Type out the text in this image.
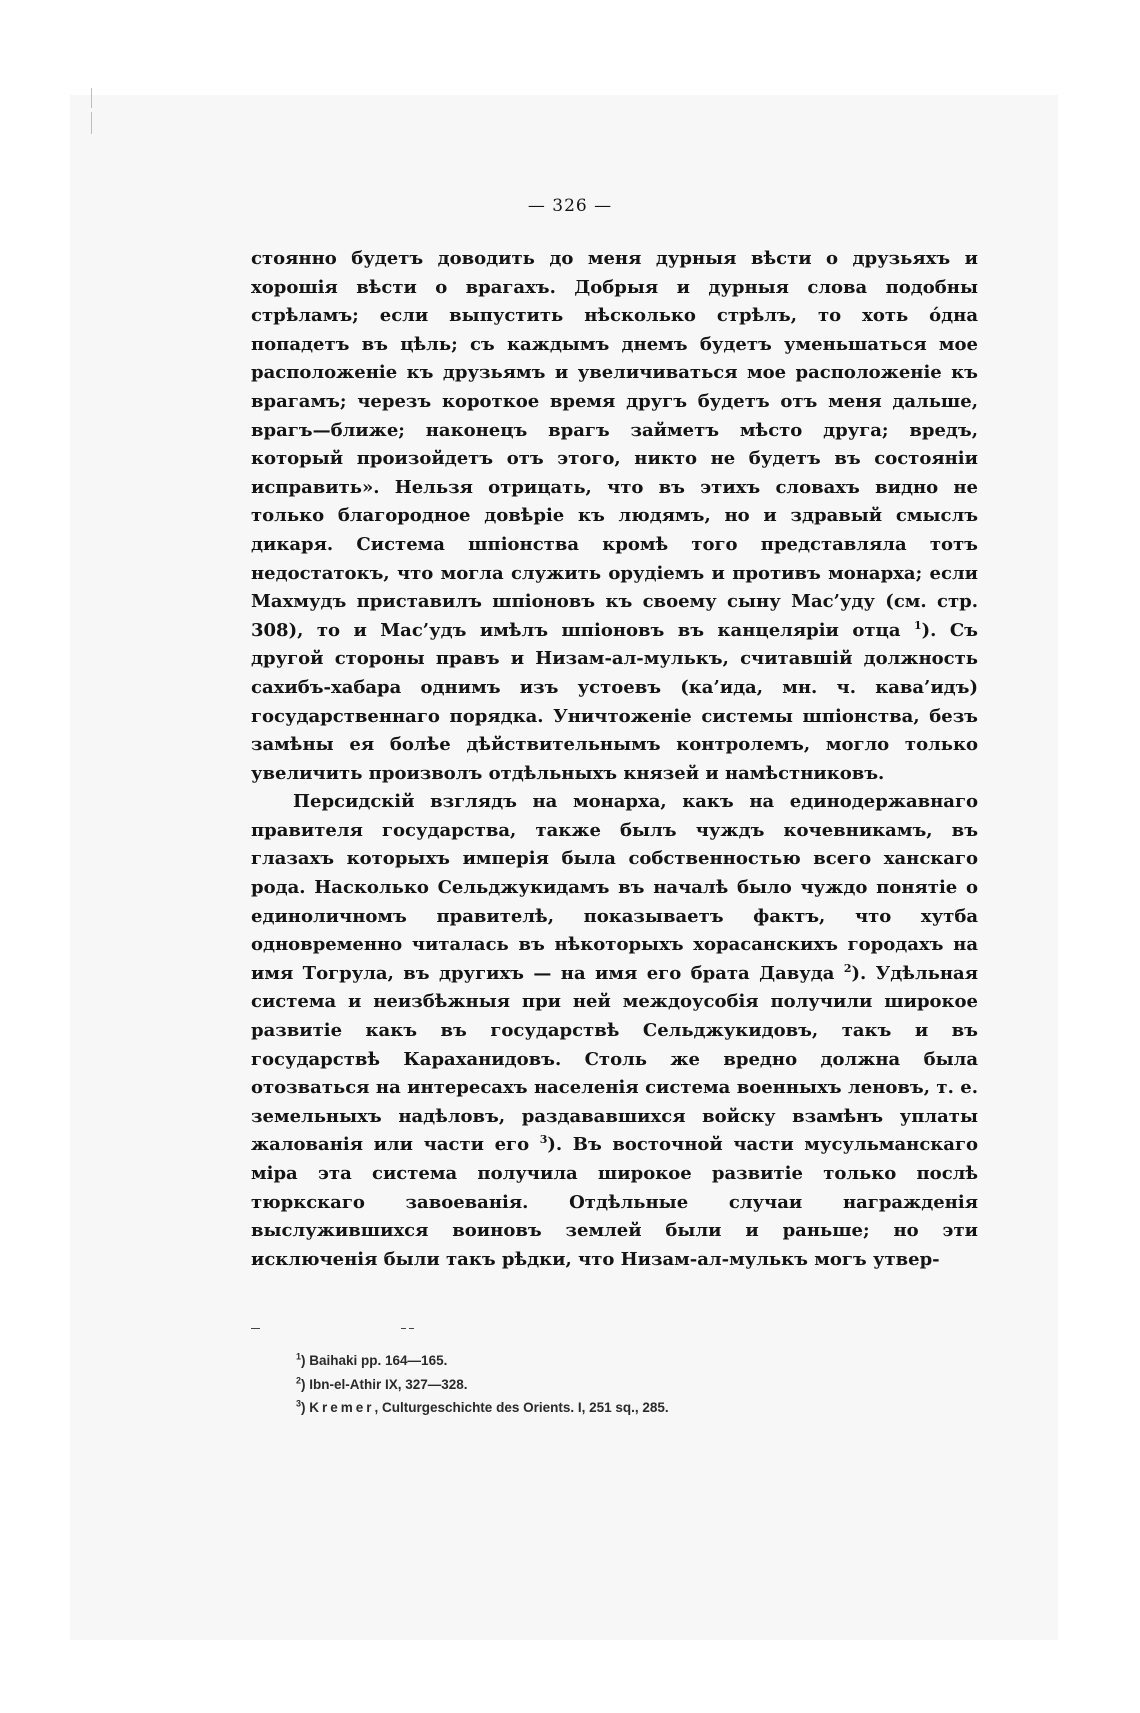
— 326 —

стоянно будетъ доводить до меня дурныя вѣсти о друзьяхъ и хорошія вѣсти о врагахъ. Добрыя и дурныя слова подобны стрѣламъ; если выпустить нѣсколько стрѣлъ, то хоть о́дна попадетъ въ цѣль; съ каждымъ днемъ будетъ уменьшаться мое расположеніе къ друзьямъ и увеличиваться мое расположеніе къ врагамъ; черезъ короткое время другъ будетъ отъ меня дальше, врагъ—ближе; наконецъ врагъ займетъ мѣсто друга; вредъ, который произойдетъ отъ этого, никто не будетъ въ состояніи исправить». Нельзя отрицать, что въ этихъ словахъ видно не только благородное довѣріе къ людямъ, но и здравый смыслъ дикаря. Система шпіонства кромѣ того представляла тотъ недостатокъ, что могла служить орудіемъ и противъ монарха; если Махмудъ приставилъ шпіоновъ къ своему сыну Мас’уду (см. стр. 308), то и Мас’удъ имѣлъ шпіоновъ въ канцеляріи отца $^1$). Съ другой стороны правъ и Низам-ал-мулькъ, считавшій должность сахибъ-хабара однимъ изъ устоевъ (ка’ида, мн. ч. кава’идъ) государственнаго порядка. Уничтоженіе системы шпіонства, безъ замѣны ея болѣе дѣйствительнымъ контролемъ, могло только увеличить произволъ отдѣльныхъ князей и намѣстниковъ.

Персидскій взглядъ на монарха, какъ на единодержавнаго правителя государства, также былъ чуждъ кочевникамъ, въ глазахъ которыхъ имперія была собственностью всего ханскаго рода. Насколько Сельджукидамъ въ началѣ было чуждо понятіе о единоличномъ правителѣ, показываетъ фактъ, что хутба одновременно читалась въ нѣкоторыхъ хорасанскихъ городахъ на имя Тогрула, въ другихъ — на имя его брата Давуда $^2$). Удѣльная система и неизбѣжныя при ней междоусобія получили широкое развитіе какъ въ государствѣ Сельджукидовъ, такъ и въ государствѣ Караханидовъ. Столь же вредно должна была отозваться на интересахъ населенія система военныхъ леновъ, т. е. земельныхъ надѣловъ, раздававшихся войску взамѣнъ уплаты жалованія или части его $^3$). Въ восточной части мусульманскаго міра эта система получила широкое развитіе только послѣ тюркскаго завоеванія. Отдѣльные случаи награжденія выслужившихся воиновъ землей были и раньше; но эти исключенія были такъ рѣдки, что Низам-ал-мулькъ могъ утвер-

$^1$) Baihaki pp. 164—165.
$^2$) Ibn-el-Athir IX, 327—328.
$^3$) Kremer, Culturgeschichte des Orients. I, 251 sq., 285.
